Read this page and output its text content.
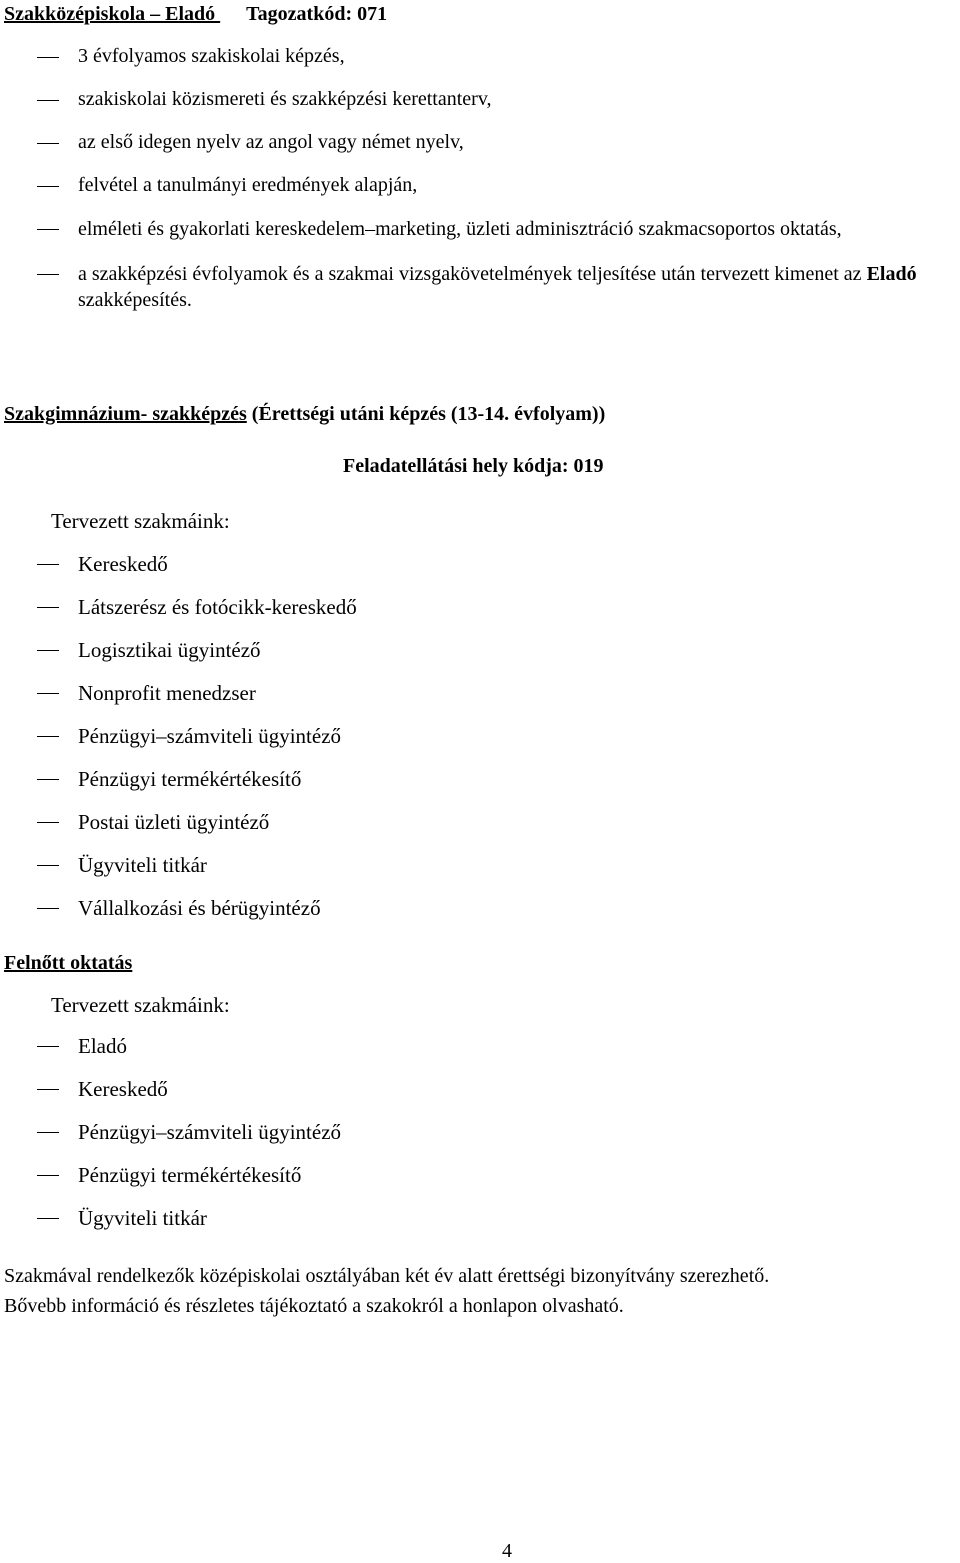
Szakközépiskola – Eladó Tagozatkód: 071
3 évfolyamos szakiskolai képzés,
szakiskolai közismereti és szakképzési kerettanterv,
az első idegen nyelv az angol vagy német nyelv,
felvétel a tanulmányi eredmények alapján,
elméleti és gyakorlati kereskedelem–marketing, üzleti adminisztráció szakmacsoportos oktatás,
a szakképzési évfolyamok és a szakmai vizsgakövetelmények teljesítése után tervezett kimenet az Eladó szakképesítés.
Szakgimnázium- szakképzés (Érettségi utáni képzés (13-14. évfolyam))
Feladatellátási hely kódja: 019
Tervezett szakmáink:
Kereskedő
Látszerész és fotócikk-kereskedő
Logisztikai ügyintéző
Nonprofit menedzser
Pénzügyi–számviteli ügyintéző
Pénzügyi termékértékesítő
Postai üzleti ügyintéző
Ügyviteli titkár
Vállalkozási és bérügyintéző
Felnőtt oktatás
Tervezett szakmáink:
Eladó
Kereskedő
Pénzügyi–számviteli ügyintéző
Pénzügyi termékértékesítő
Ügyviteli titkár
Szakmával rendelkezők középiskolai osztályában két év alatt érettségi bizonyítvány szerezhető.
Bővebb információ és részletes tájékoztató a szakokról a honlapon olvasható.
4
